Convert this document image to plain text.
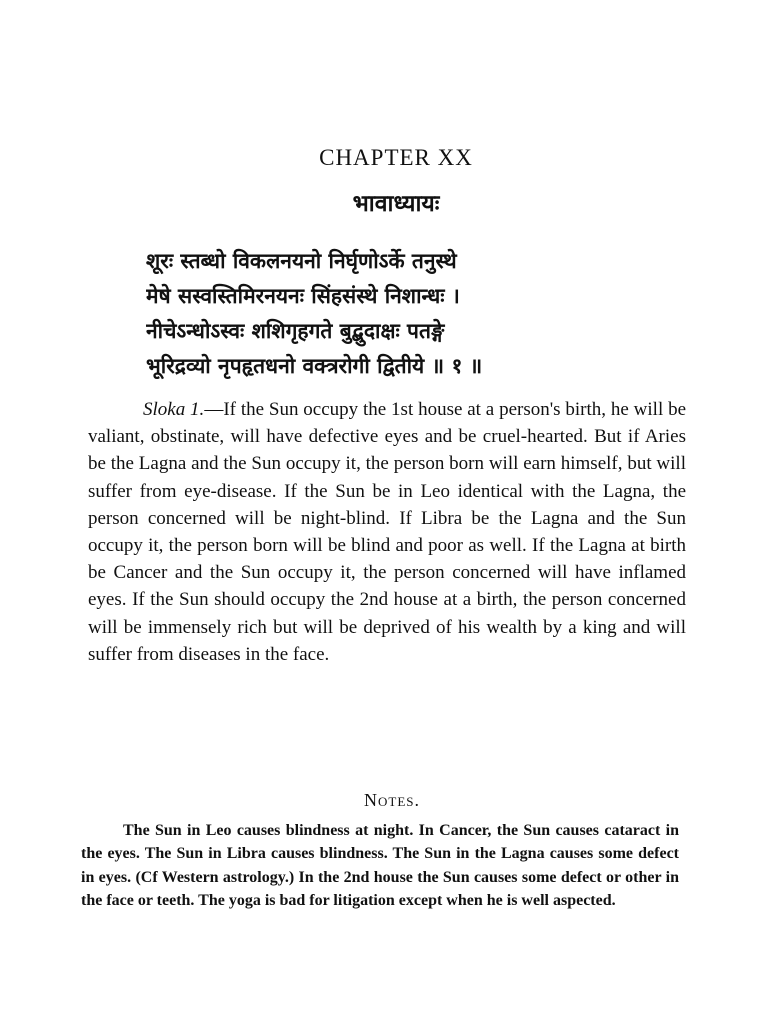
CHAPTER XX
भावाध्यायः
शूरः स्तब्धो विकलनयनो निर्घृणोऽर्के तनुस्थे
मेषे सस्वस्तिमिरनयनः सिंहसंस्थे निशान्धः ।
नीचेऽन्धोऽस्वः शशिगृहगते बुद्बुदाक्षः पतङ्गे
भूरिद्रव्यो नृपहृतधनो वक्त्ररोगी द्वितीये ॥ १ ॥
Sloka 1.—If the Sun occupy the 1st house at a person's birth, he will be valiant, obstinate, will have defective eyes and be cruel-hearted. But if Aries be the Lagna and the Sun occupy it, the person born will earn himself, but will suffer from eye-disease. If the Sun be in Leo identical with the Lagna, the person concerned will be night-blind. If Libra be the Lagna and the Sun occupy it, the person born will be blind and poor as well. If the Lagna at birth be Cancer and the Sun occupy it, the person concerned will have inflamed eyes. If the Sun should occupy the 2nd house at a birth, the person concerned will be immensely rich but will be deprived of his wealth by a king and will suffer from diseases in the face.
Notes.
The Sun in Leo causes blindness at night. In Cancer, the Sun causes cataract in the eyes. The Sun in Libra causes blindness. The Sun in the Lagna causes some defect in eyes. (Cf Western astrology.) In the 2nd house the Sun causes some defect or other in the face or teeth. The yoga is bad for litigation except when he is well aspected.
